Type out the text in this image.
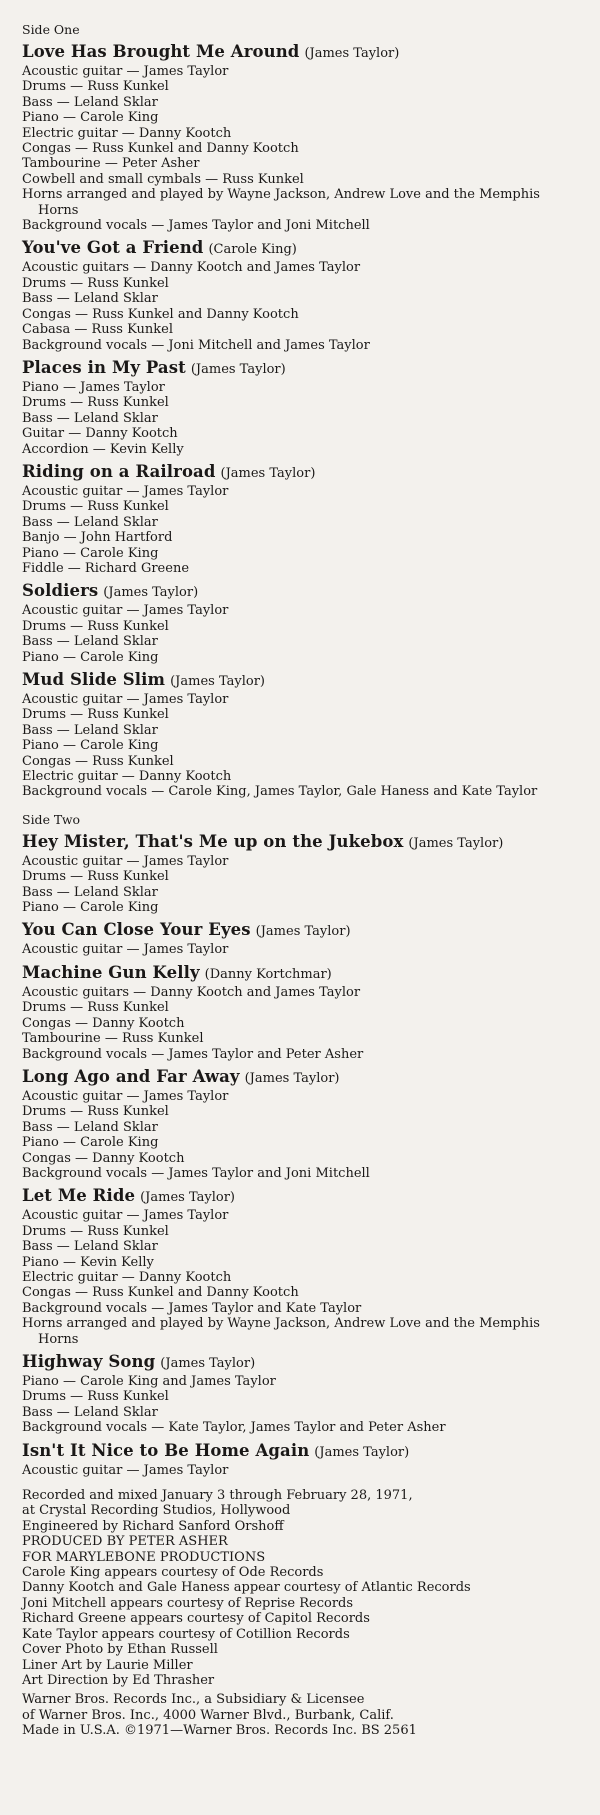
Side One
Love Has Brought Me Around (James Taylor)
Acoustic guitar — James Taylor
Drums — Russ Kunkel
Bass — Leland Sklar
Piano — Carole King
Electric guitar — Danny Kootch
Congas — Russ Kunkel and Danny Kootch
Tambourine — Peter Asher
Cowbell and small cymbals — Russ Kunkel
Horns arranged and played by Wayne Jackson, Andrew Love and the Memphis Horns
Background vocals — James Taylor and Joni Mitchell
You've Got a Friend (Carole King)
Acoustic guitars — Danny Kootch and James Taylor
Drums — Russ Kunkel
Bass — Leland Sklar
Congas — Russ Kunkel and Danny Kootch
Cabasa — Russ Kunkel
Background vocals — Joni Mitchell and James Taylor
Places in My Past (James Taylor)
Piano — James Taylor
Drums — Russ Kunkel
Bass — Leland Sklar
Guitar — Danny Kootch
Accordion — Kevin Kelly
Riding on a Railroad (James Taylor)
Acoustic guitar — James Taylor
Drums — Russ Kunkel
Bass — Leland Sklar
Banjo — John Hartford
Piano — Carole King
Fiddle — Richard Greene
Soldiers (James Taylor)
Acoustic guitar — James Taylor
Drums — Russ Kunkel
Bass — Leland Sklar
Piano — Carole King
Mud Slide Slim (James Taylor)
Acoustic guitar — James Taylor
Drums — Russ Kunkel
Bass — Leland Sklar
Piano — Carole King
Congas — Russ Kunkel
Electric guitar — Danny Kootch
Background vocals — Carole King, James Taylor, Gale Haness and Kate Taylor
Side Two
Hey Mister, That's Me up on the Jukebox (James Taylor)
Acoustic guitar — James Taylor
Drums — Russ Kunkel
Bass — Leland Sklar
Piano — Carole King
You Can Close Your Eyes (James Taylor)
Acoustic guitar — James Taylor
Machine Gun Kelly (Danny Kortchmar)
Acoustic guitars — Danny Kootch and James Taylor
Drums — Russ Kunkel
Congas — Danny Kootch
Tambourine — Russ Kunkel
Background vocals — James Taylor and Peter Asher
Long Ago and Far Away (James Taylor)
Acoustic guitar — James Taylor
Drums — Russ Kunkel
Bass — Leland Sklar
Piano — Carole King
Congas — Danny Kootch
Background vocals — James Taylor and Joni Mitchell
Let Me Ride (James Taylor)
Acoustic guitar — James Taylor
Drums — Russ Kunkel
Bass — Leland Sklar
Piano — Kevin Kelly
Electric guitar — Danny Kootch
Congas — Russ Kunkel and Danny Kootch
Background vocals — James Taylor and Kate Taylor
Horns arranged and played by Wayne Jackson, Andrew Love and the Memphis Horns
Highway Song (James Taylor)
Piano — Carole King and James Taylor
Drums — Russ Kunkel
Bass — Leland Sklar
Background vocals — Kate Taylor, James Taylor and Peter Asher
Isn't It Nice to Be Home Again (James Taylor)
Acoustic guitar — James Taylor

Recorded and mixed January 3 through February 28, 1971,

at Crystal Recording Studios, Hollywood

Engineered by Richard Sanford Orshoff

PRODUCED BY PETER ASHER

FOR MARYLEBONE PRODUCTIONS

Carole King appears courtesy of Ode Records

Danny Kootch and Gale Haness appear courtesy of Atlantic Records

Joni Mitchell appears courtesy of Reprise Records

Richard Greene appears courtesy of Capitol Records

Kate Taylor appears courtesy of Cotillion Records

Cover Photo by Ethan Russell

Liner Art by Laurie Miller

Art Direction by Ed Thrasher

Warner Bros. Records Inc., a Subsidiary & Licensee

of Warner Bros. Inc., 4000 Warner Blvd., Burbank, Calif.

Made in U.S.A. ©1971—Warner Bros. Records Inc. BS 2561
